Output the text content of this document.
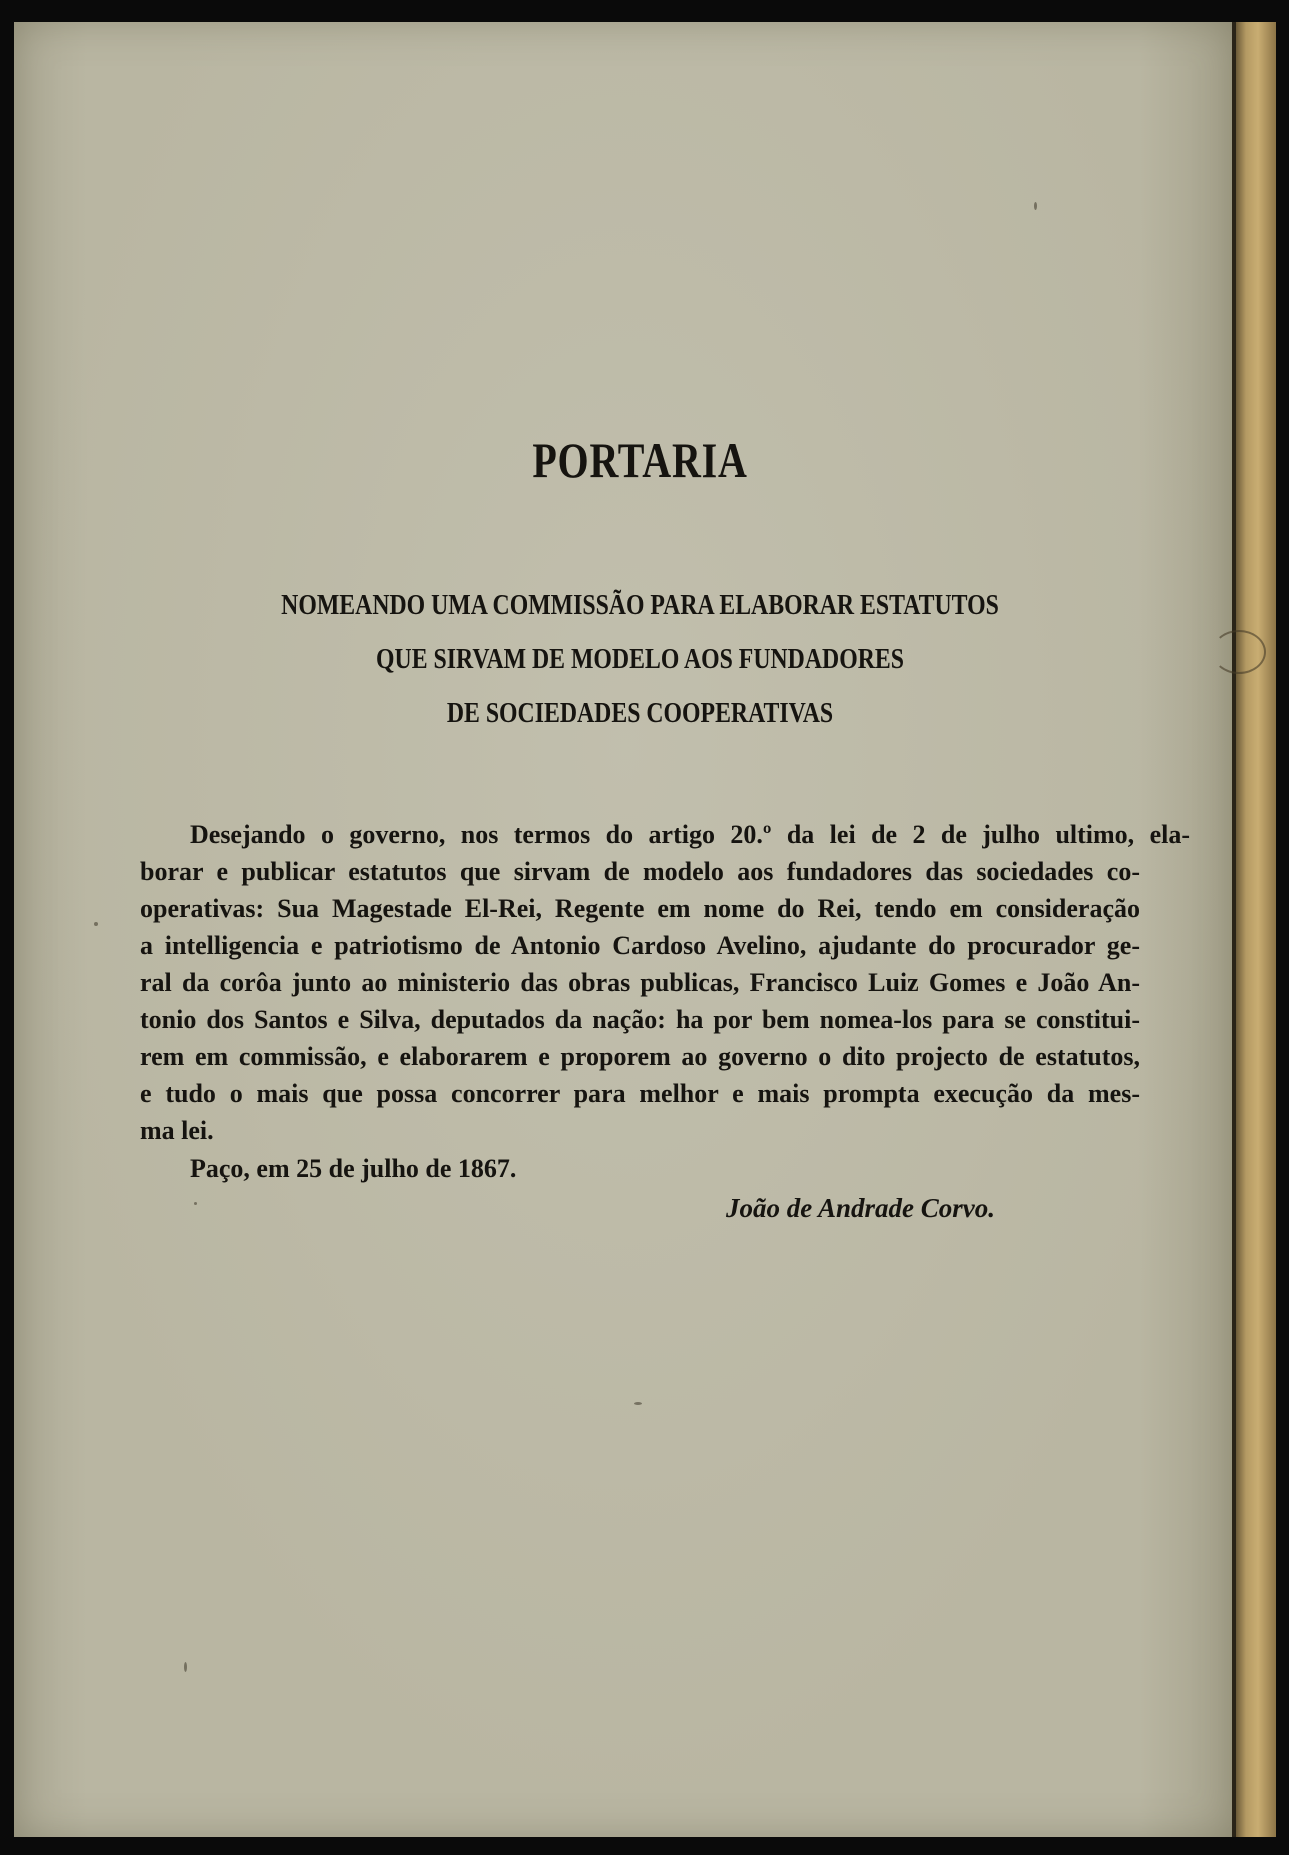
PORTARIA
NOMEANDO UMA COMMISSÃO PARA ELABORAR ESTATUTOS
QUE SIRVAM DE MODELO AOS FUNDADORES
DE SOCIEDADES COOPERATIVAS
Desejando o governo, nos termos do artigo 20.º da lei de 2 de julho ultimo, ela-
borar e publicar estatutos que sirvam de modelo aos fundadores das sociedades co-
operativas: Sua Magestade El-Rei, Regente em nome do Rei, tendo em consideração
a intelligencia e patriotismo de Antonio Cardoso Avelino, ajudante do procurador ge-
ral da corôa junto ao ministerio das obras publicas, Francisco Luiz Gomes e João An-
tonio dos Santos e Silva, deputados da nação: ha por bem nomea-los para se constitui-
rem em commissão, e elaborarem e proporem ao governo o dito projecto de estatutos,
e tudo o mais que possa concorrer para melhor e mais prompta execução da mes-
ma lei.
Paço, em 25 de julho de 1867.
João de Andrade Corvo.
